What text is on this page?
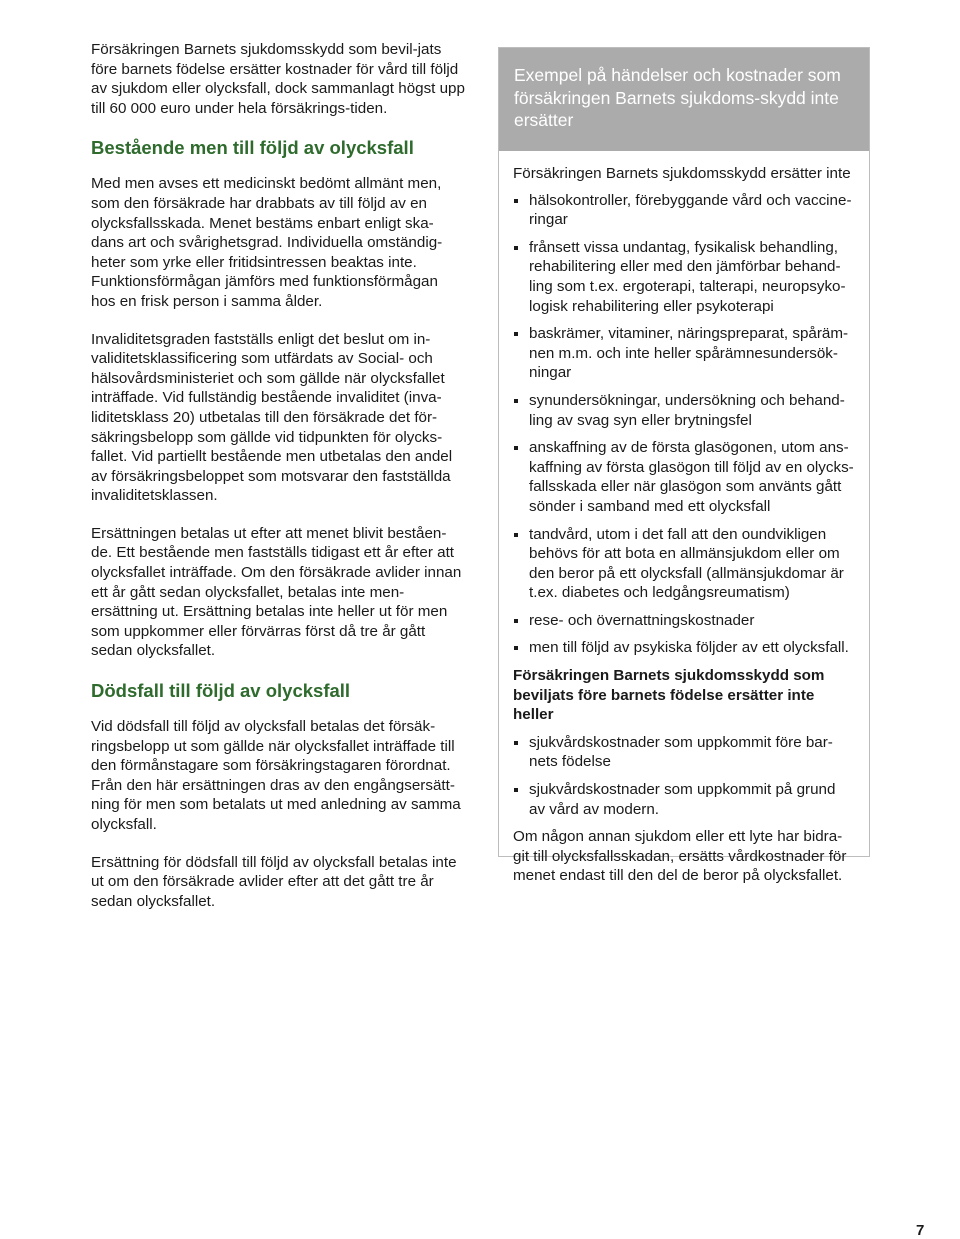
Försäkringen Barnets sjukdomsskydd som bevil-jats före barnets födelse ersätter kostnader för vård till följd av sjukdom eller olycksfall, dock sammanlagt högst upp till 60 000 euro under hela försäkrings-tiden.

Bestående men till följd av olycksfall

Med men avses ett medicinskt bedömt allmänt men, som den försäkrade har drabbats av till följd av en olycksfallsskada. Menet bestäms enbart enligt ska-dans art och svårighetsgrad. Individuella omständig-heter som yrke eller fritidsintressen beaktas inte. Funktionsförmågan jämförs med funktionsförmågan hos en frisk person i samma ålder.

Invaliditetsgraden fastställs enligt det beslut om in-validitetsklassificering som utfärdats av Social- och hälsovårdsministeriet och som gällde när olycksfallet inträffade. Vid fullständig bestående invaliditet (inva-liditetsklass 20) utbetalas till den försäkrade det för-säkringsbelopp som gällde vid tidpunkten för olycks-fallet. Vid partiellt bestående men utbetalas den andel av försäkringsbeloppet som motsvarar den fastställda invaliditetsklassen.

Ersättningen betalas ut efter att menet blivit beståen-de. Ett bestående men fastställs tidigast ett år efter att olycksfallet inträffade. Om den försäkrade avlider innan ett år gått sedan olycksfallet, betalas inte men-ersättning ut. Ersättning betalas inte heller ut för men som uppkommer eller förvärras först då tre år gått sedan olycksfallet.

Dödsfall till följd av olycksfall

Vid dödsfall till följd av olycksfall betalas det försäk-ringsbelopp ut som gällde när olycksfallet inträffade till den förmånstagare som försäkringstagaren förordnat. Från den här ersättningen dras av den engångsersätt-ning för men som betalats ut med anledning av samma olycksfall.

Ersättning för dödsfall till följd av olycksfall betalas inte ut om den försäkrade avlider efter att det gått tre år sedan olycksfallet.

Exempel på händelser och kostnader som försäkringen Barnets sjukdoms-skydd inte ersätter

Försäkringen Barnets sjukdomsskydd ersätter inte

hälsokontroller, förebyggande vård och vaccine-ringar
frånsett vissa undantag, fysikalisk behandling, rehabilitering eller med den jämförbar behand-ling som t.ex. ergoterapi, talterapi, neuropsyko-logisk rehabilitering eller psykoterapi
baskrämer, vitaminer, näringspreparat, spåräm-nen m.m. och inte heller spårämnesundersök-ningar
synundersökningar, undersökning och behand-ling av svag syn eller brytningsfel
anskaffning av de första glasögonen, utom ans-kaffning av första glasögon till följd av en olycks-fallsskada eller när glasögon som använts gått sönder i samband med ett olycksfall
tandvård, utom i det fall att den oundvikligen behövs för att bota en allmänsjukdom eller om den beror på ett olycksfall (allmänsjukdomar är t.ex. diabetes och ledgångsreumatism)
rese- och övernattningskostnader
men till följd av psykiska följder av ett olycksfall.

Försäkringen Barnets sjukdomsskydd som beviljats före barnets födelse ersätter inte heller

sjukvårdskostnader som uppkommit före bar-nets födelse
sjukvårdskostnader som uppkommit på grund av vård av modern.

Om någon annan sjukdom eller ett lyte har bidra-git till olycksfallsskadan, ersätts vårdkostnader för menet endast till den del de beror på olycksfallet.

7
